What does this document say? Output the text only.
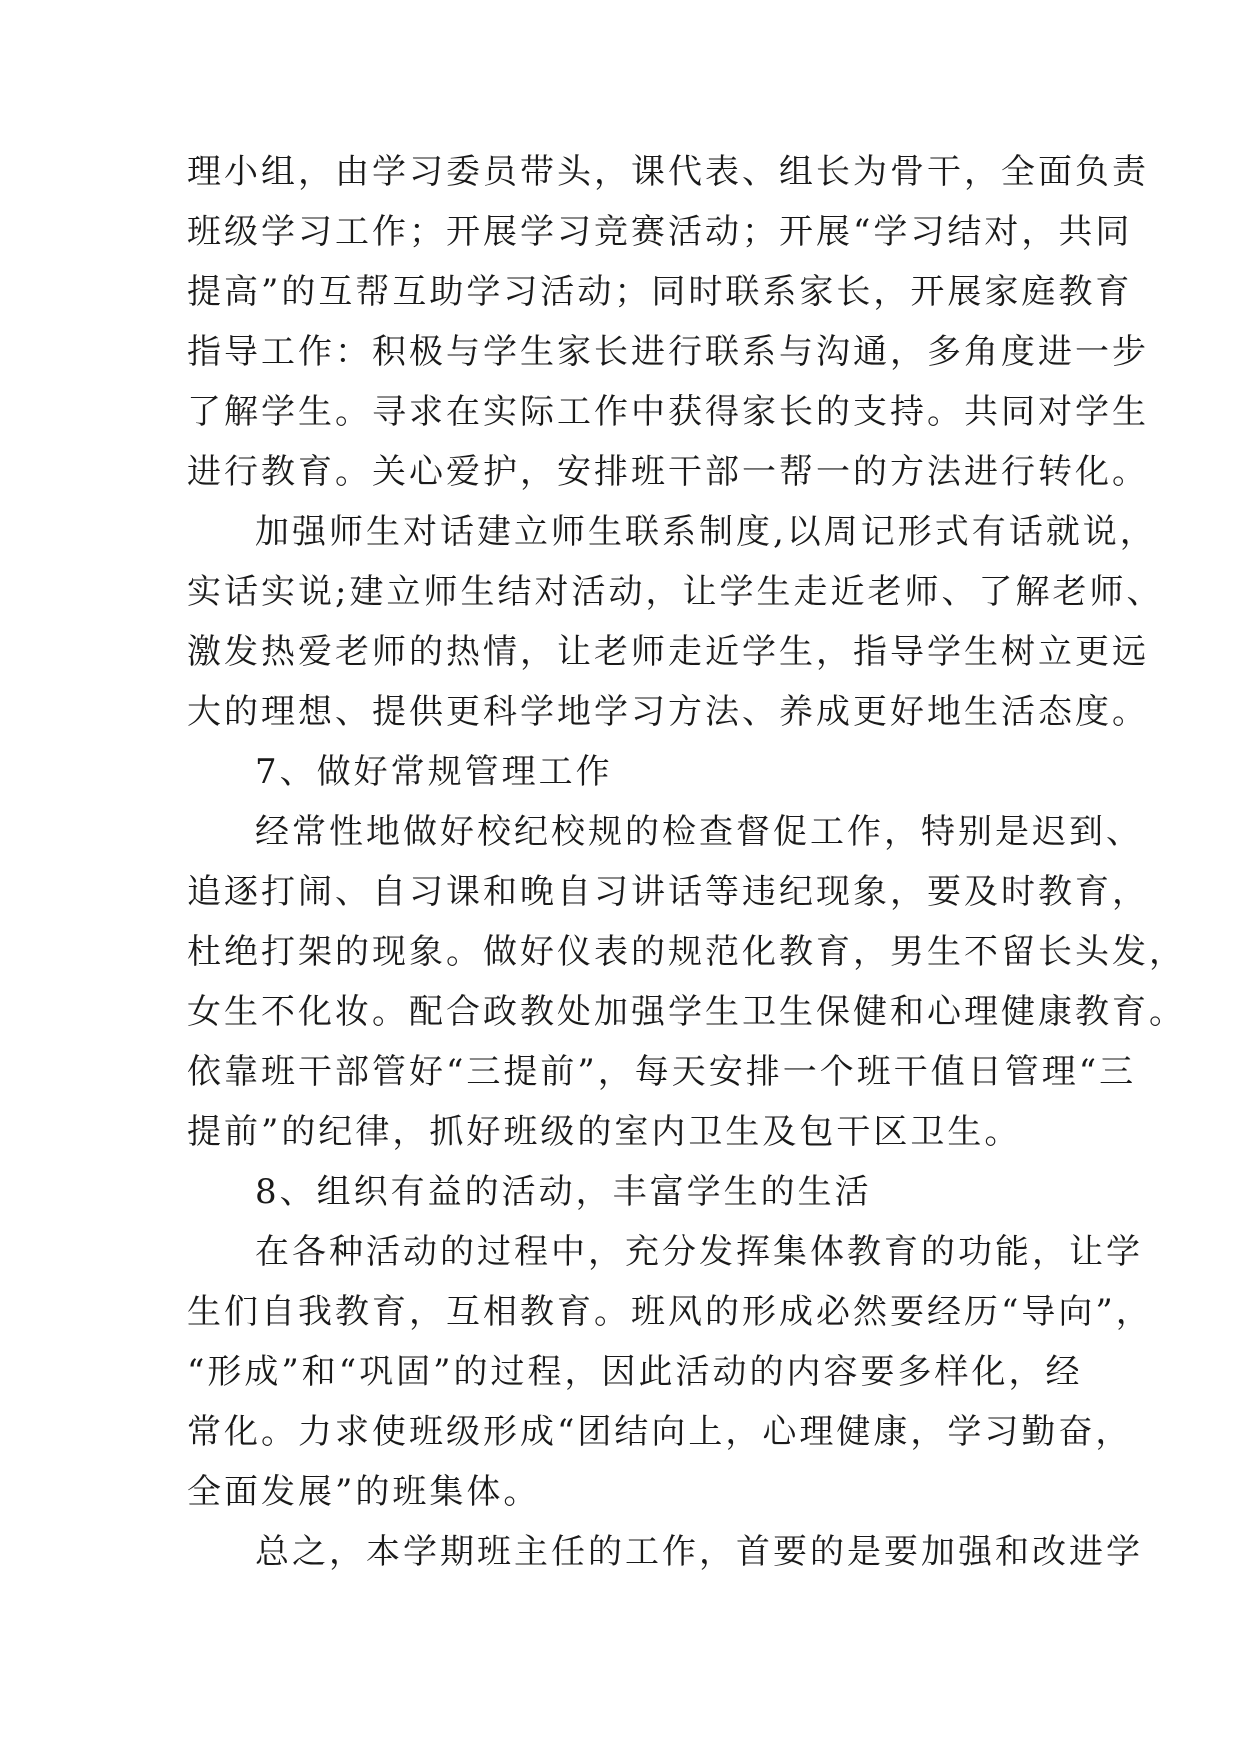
理小组，由学习委员带头，课代表、组长为骨干，全面负责
班级学习工作；开展学习竞赛活动；开展“学习结对，共同
提高”的互帮互助学习活动；同时联系家长，开展家庭教育
指导工作：积极与学生家长进行联系与沟通，多角度进一步
了解学生。寻求在实际工作中获得家长的支持。共同对学生
进行教育。关心爱护，安排班干部一帮一的方法进行转化。
加强师生对话建立师生联系制度,以周记形式有话就说，
实话实说;建立师生结对活动，让学生走近老师、了解老师、
激发热爱老师的热情，让老师走近学生，指导学生树立更远
大的理想、提供更科学地学习方法、养成更好地生活态度。
7、做好常规管理工作
经常性地做好校纪校规的检查督促工作，特别是迟到、
追逐打闹、自习课和晚自习讲话等违纪现象，要及时教育，
杜绝打架的现象。做好仪表的规范化教育，男生不留长头发，
女生不化妆。配合政教处加强学生卫生保健和心理健康教育。
依靠班干部管好“三提前”，每天安排一个班干值日管理“三
提前”的纪律，抓好班级的室内卫生及包干区卫生。
8、组织有益的活动，丰富学生的生活
在各种活动的过程中，充分发挥集体教育的功能，让学
生们自我教育，互相教育。班风的形成必然要经历“导向”，
“形成”和“巩固”的过程，因此活动的内容要多样化，经
常化。力求使班级形成“团结向上，心理健康，学习勤奋，
全面发展”的班集体。
总之，本学期班主任的工作，首要的是要加强和改进学
